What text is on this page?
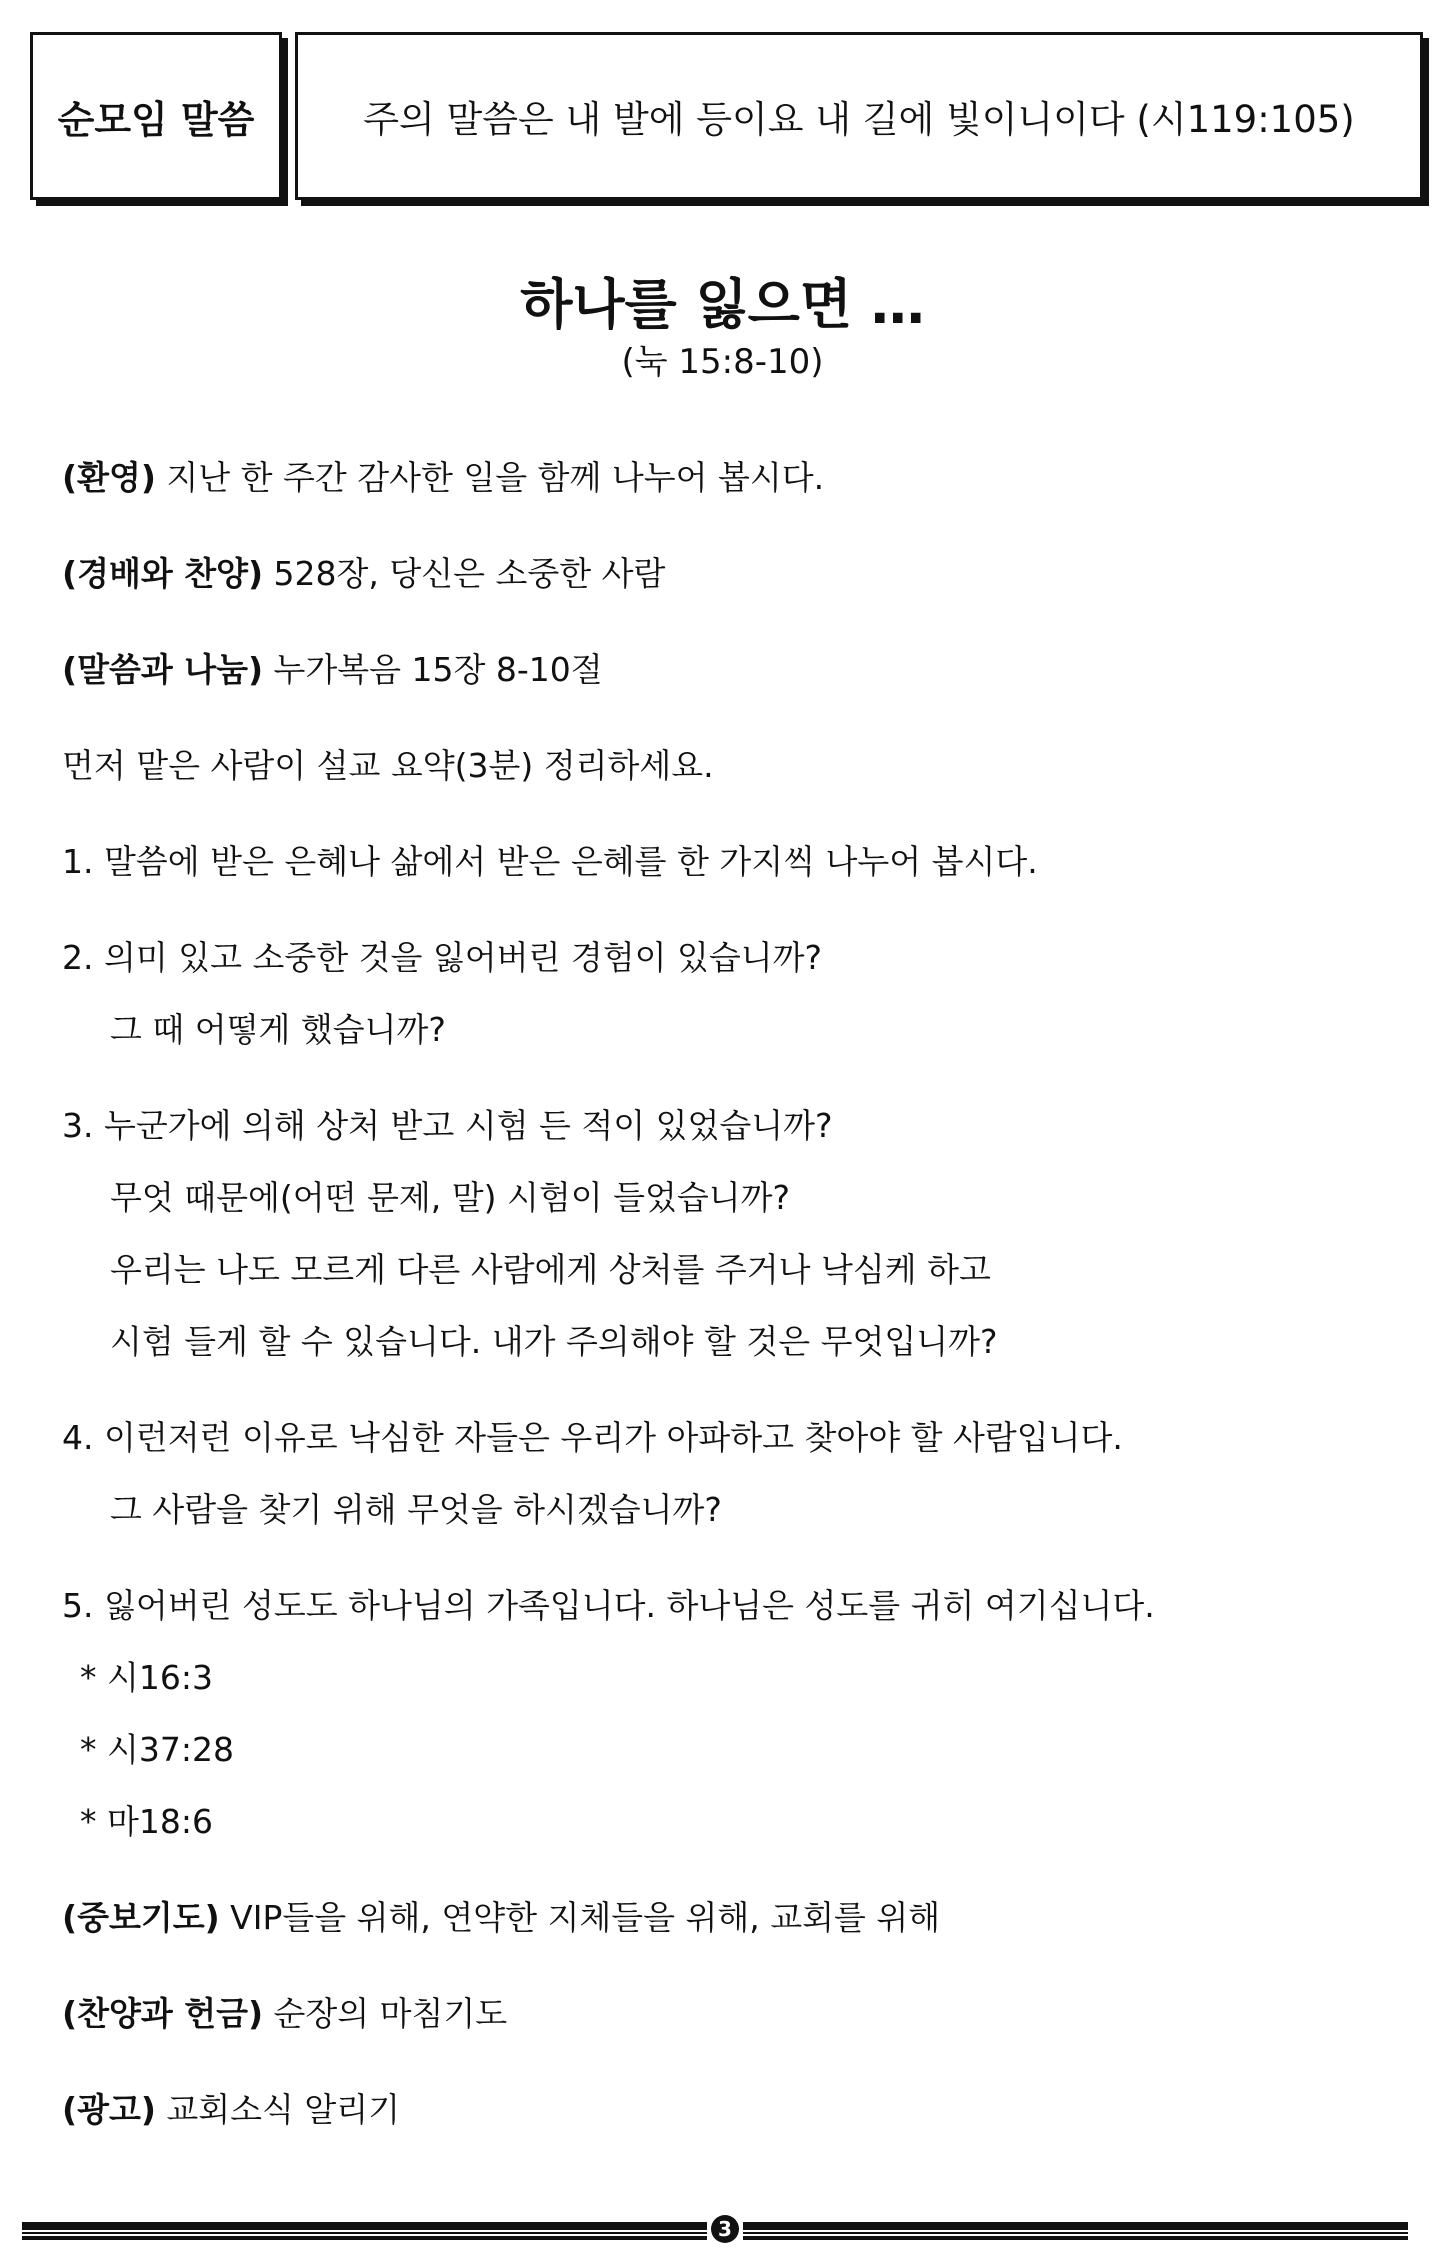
순모임 말씀	주의 말씀은 내 발에 등이요 내 길에 빛이니이다 (시119:105)
하나를 잃으면 …
(눅 15:8-10)
(환영) 지난 한 주간 감사한 일을 함께 나누어 봅시다.
(경배와 찬양) 528장, 당신은 소중한 사람
(말씀과 나눔) 누가복음 15장 8-10절
먼저 맡은 사람이 설교 요약(3분) 정리하세요.
1. 말씀에 받은 은혜나 삶에서 받은 은혜를 한 가지씩 나누어 봅시다.
2. 의미 있고 소중한 것을 잃어버린 경험이 있습니까?
그 때 어떻게 했습니까?
3. 누군가에 의해 상처 받고 시험 든 적이 있었습니까?
무엇 때문에(어떤 문제, 말) 시험이 들었습니까?
우리는 나도 모르게 다른 사람에게 상처를 주거나 낙심케 하고
시험 들게 할 수 있습니다. 내가 주의해야 할 것은 무엇입니까?
4. 이런저런 이유로 낙심한 자들은 우리가 아파하고 찾아야 할 사람입니다.
그 사람을 찾기 위해 무엇을 하시겠습니까?
5. 잃어버린 성도도 하나님의 가족입니다. 하나님은 성도를 귀히 여기십니다.
* 시16:3
* 시37:28
* 마18:6
(중보기도) VIP들을 위해, 연약한 지체들을 위해, 교회를 위해
(찬양과 헌금) 순장의 마침기도
(광고) 교회소식 알리기
3
